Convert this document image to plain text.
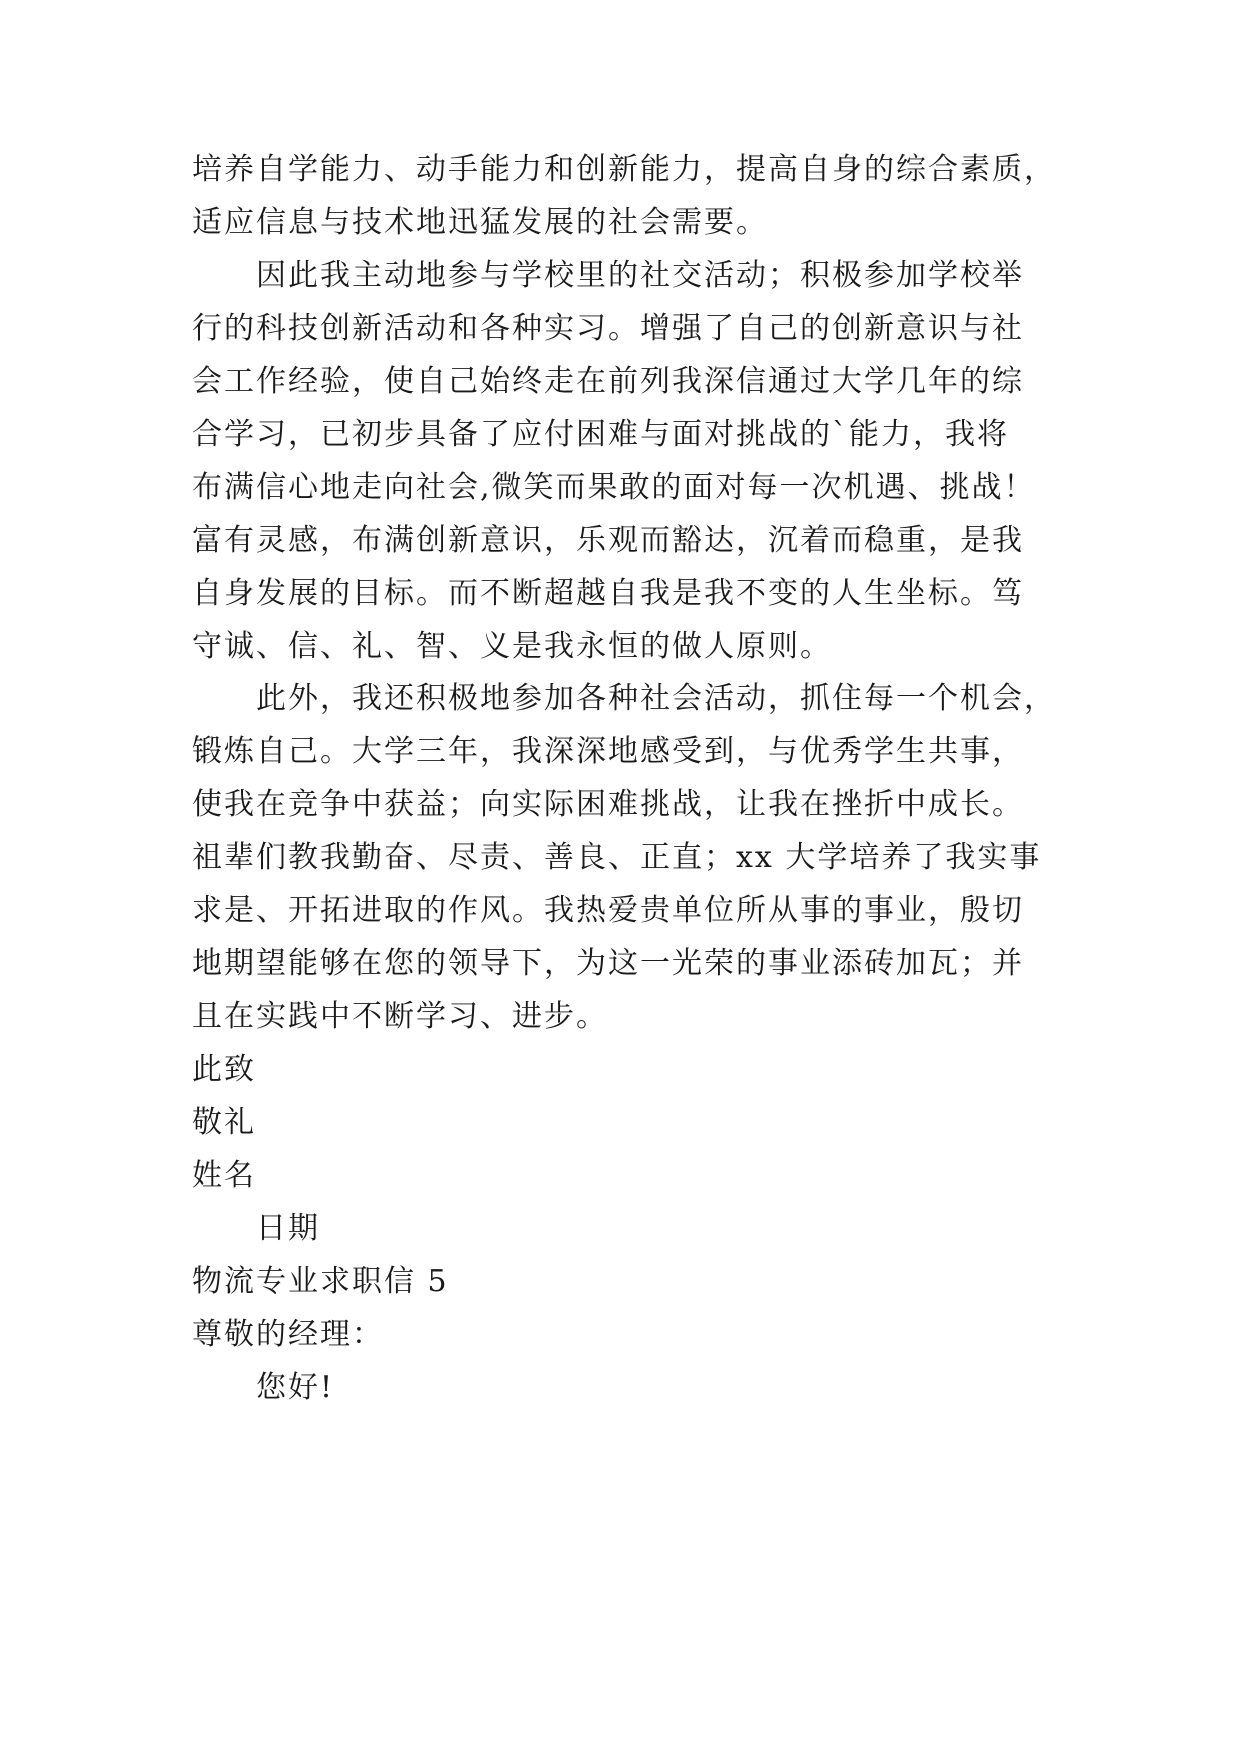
培养自学能力、动手能力和创新能力，提高自身的综合素质，
适应信息与技术地迅猛发展的社会需要。
因此我主动地参与学校里的社交活动；积极参加学校举
行的科技创新活动和各种实习。增强了自己的创新意识与社
会工作经验，使自己始终走在前列我深信通过大学几年的综
合学习，已初步具备了应付困难与面对挑战的`能力，我将
布满信心地走向社会,微笑而果敢的面对每一次机遇、挑战！
富有灵感，布满创新意识，乐观而豁达，沉着而稳重，是我
自身发展的目标。而不断超越自我是我不变的人生坐标。笃
守诚、信、礼、智、义是我永恒的做人原则。
此外，我还积极地参加各种社会活动，抓住每一个机会，
锻炼自己。大学三年，我深深地感受到，与优秀学生共事，
使我在竞争中获益；向实际困难挑战，让我在挫折中成长。
祖辈们教我勤奋、尽责、善良、正直；xx 大学培养了我实事
求是、开拓进取的作风。我热爱贵单位所从事的事业，殷切
地期望能够在您的领导下，为这一光荣的事业添砖加瓦；并
且在实践中不断学习、进步。
此致
敬礼
姓名
日期
物流专业求职信 5
尊敬的经理：
您好!
